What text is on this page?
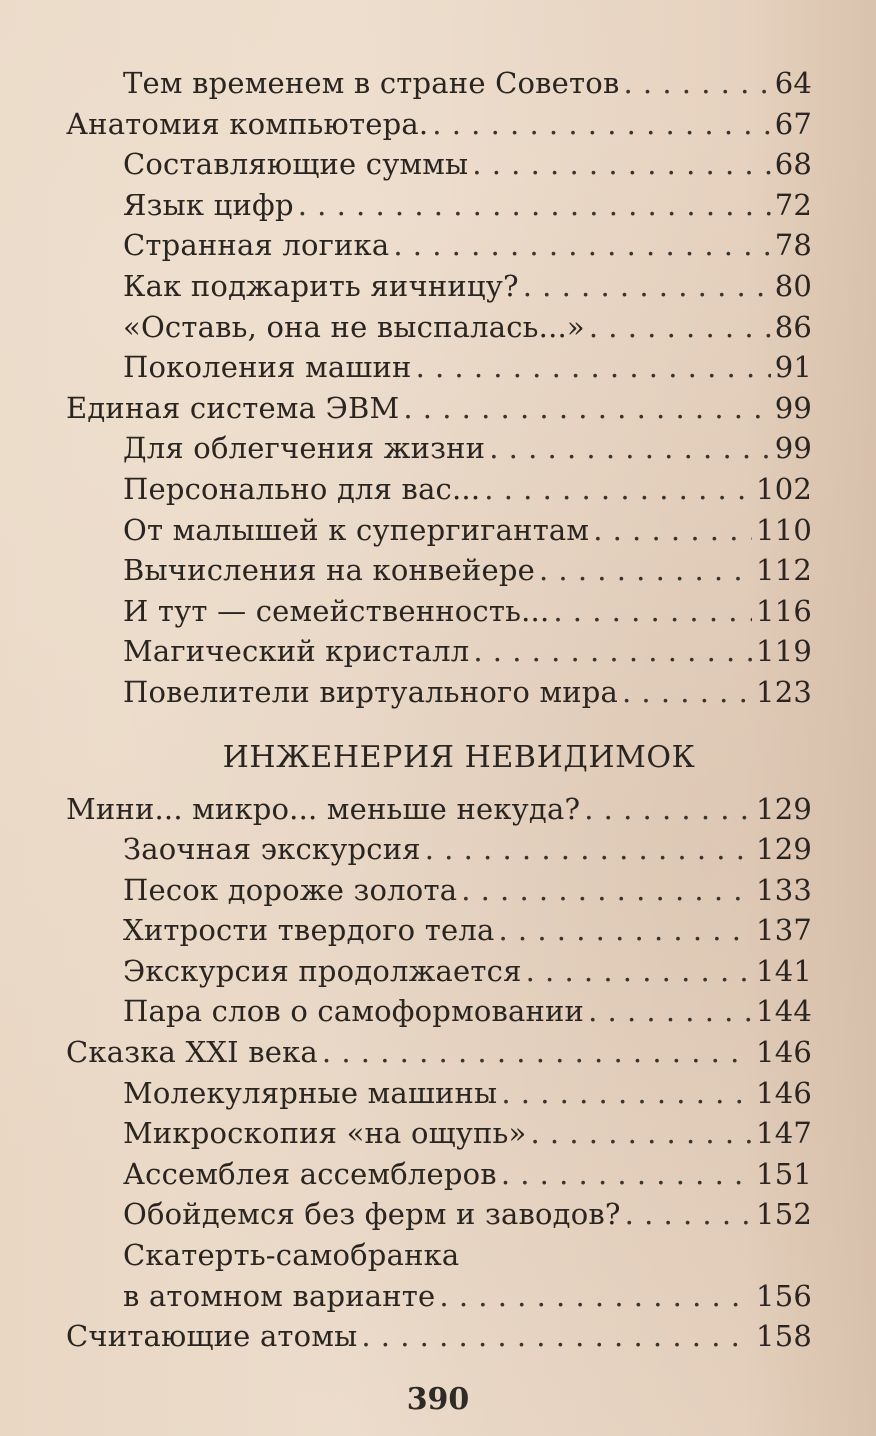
Тем временем в стране Советов . . .	64
Анатомия компьютера. . . .	67
Составляющие суммы . . .	68
Язык цифр . . .	72
Странная логика . . .	78
Как поджарить яичницу? . . .	80
«Оставь, она не выспалась...» . . .	86
Поколения машин . . .	91
Единая система ЭВМ . . .	99
Для облегчения жизни . . .	99
Персонально для вас... . . .	102
От малышей к супергигантам . . .	110
Вычисления на конвейере . . .	112
И тут — семейственность... . . .	116
Магический кристалл . . .	119
Повелители виртуального мира . . .	123
ИНЖЕНЕРИЯ НЕВИДИМОК
Мини... микро... меньше некуда? . . .	129
Заочная экскурсия . . .	129
Песок дороже золота . . .	133
Хитрости твердого тела . . .	137
Экскурсия продолжается . . .	141
Пара слов о самоформовании . . .	144
Сказка XXI века . . .	146
Молекулярные машины . . .	146
Микроскопия «на ощупь» . . .	147
Ассемблея ассемблеров . . .	151
Обойдемся без ферм и заводов? . . .	152
Скатерть-самобранка
в атомном варианте . . .	156
Считающие атомы . . .	158
390
